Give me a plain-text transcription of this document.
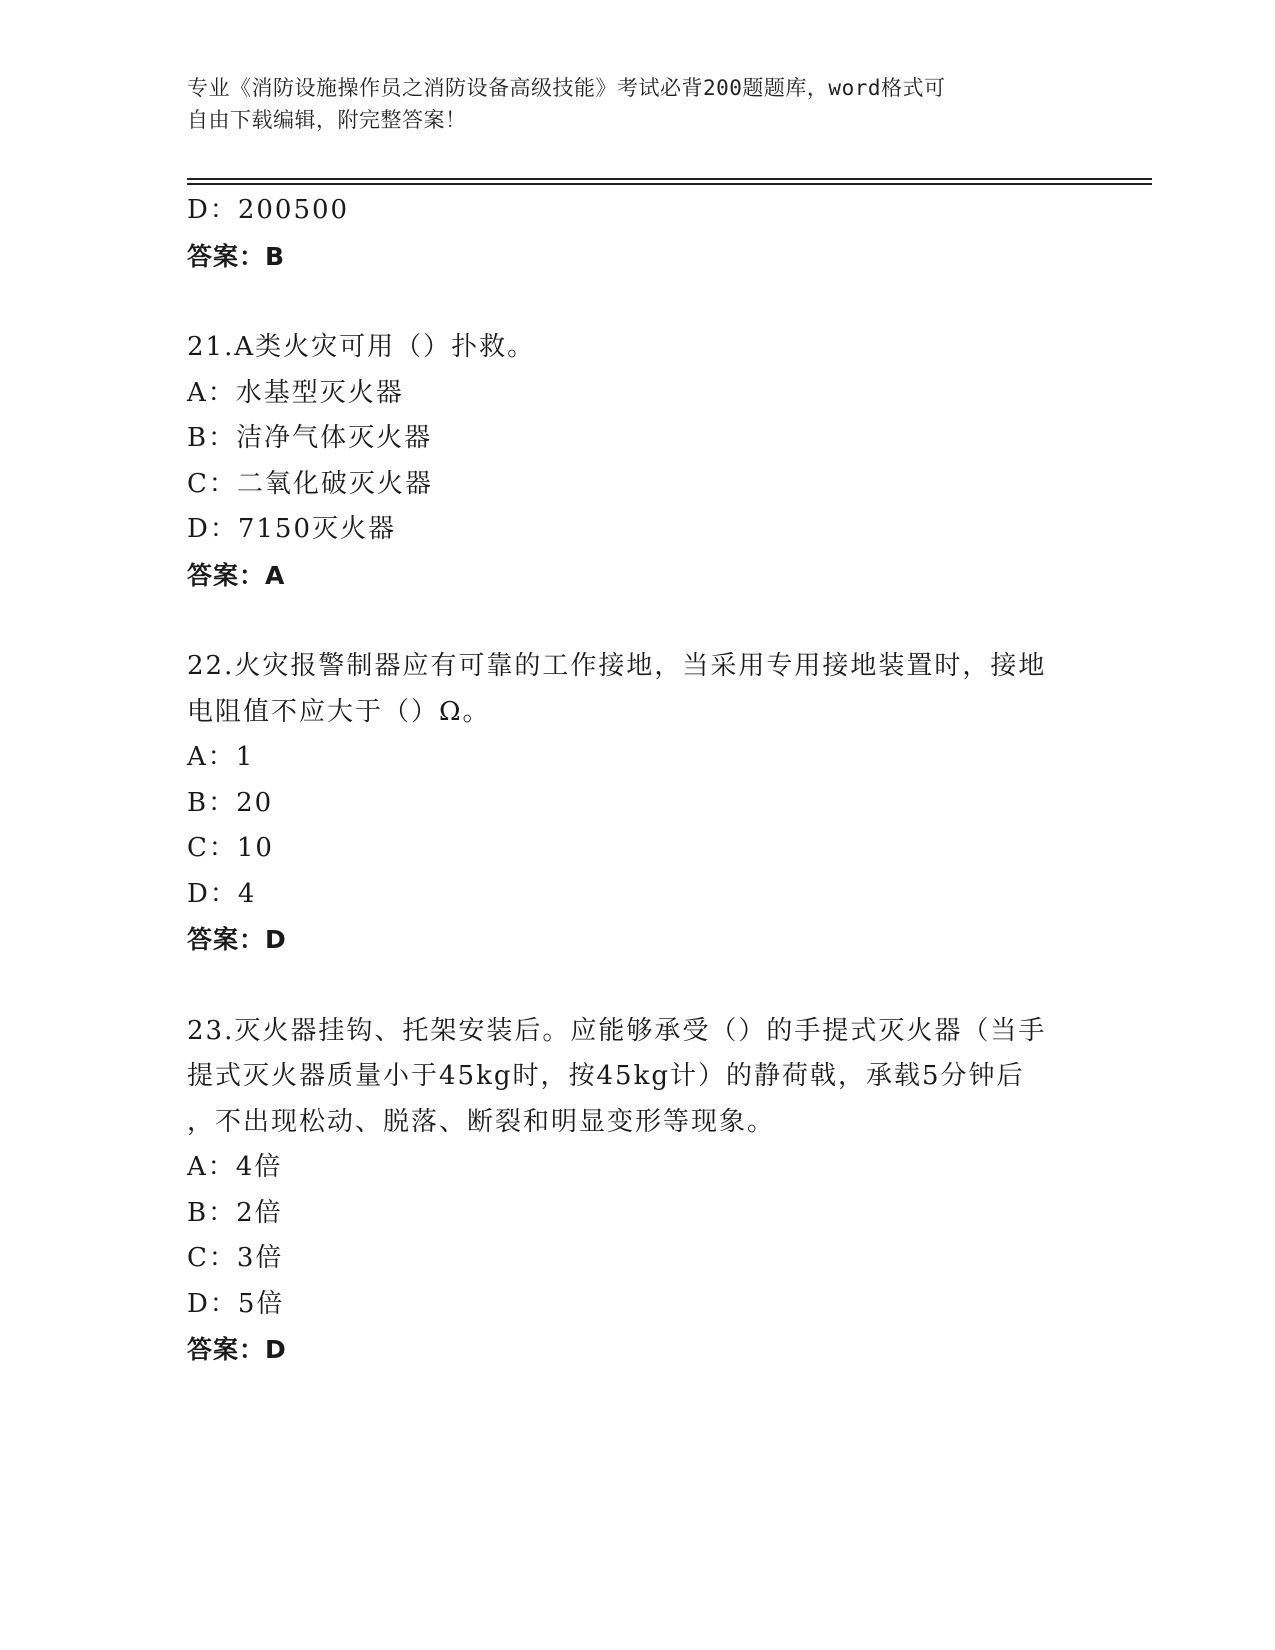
专业《消防设施操作员之消防设备高级技能》考试必背200题题库，word格式可
自由下载编辑，附完整答案！
D：200500
答案：B
21.A类火灾可用（）扑救。
A：水基型灭火器
B：洁净气体灭火器
C：二氧化破灭火器
D：7150灭火器
答案：A
22.火灾报警制器应有可靠的工作接地，当采用专用接地装置时，接地
电阻值不应大于（）Ω。
A：1
B：20
C：10
D：4
答案：D
23.灭火器挂钩、托架安装后。应能够承受（）的手提式灭火器（当手
提式灭火器质量小于45kg时，按45kg计）的静荷戟，承载5分钟后
，不出现松动、脱落、断裂和明显变形等现象。
A：4倍
B：2倍
C：3倍
D：5倍
答案：D
